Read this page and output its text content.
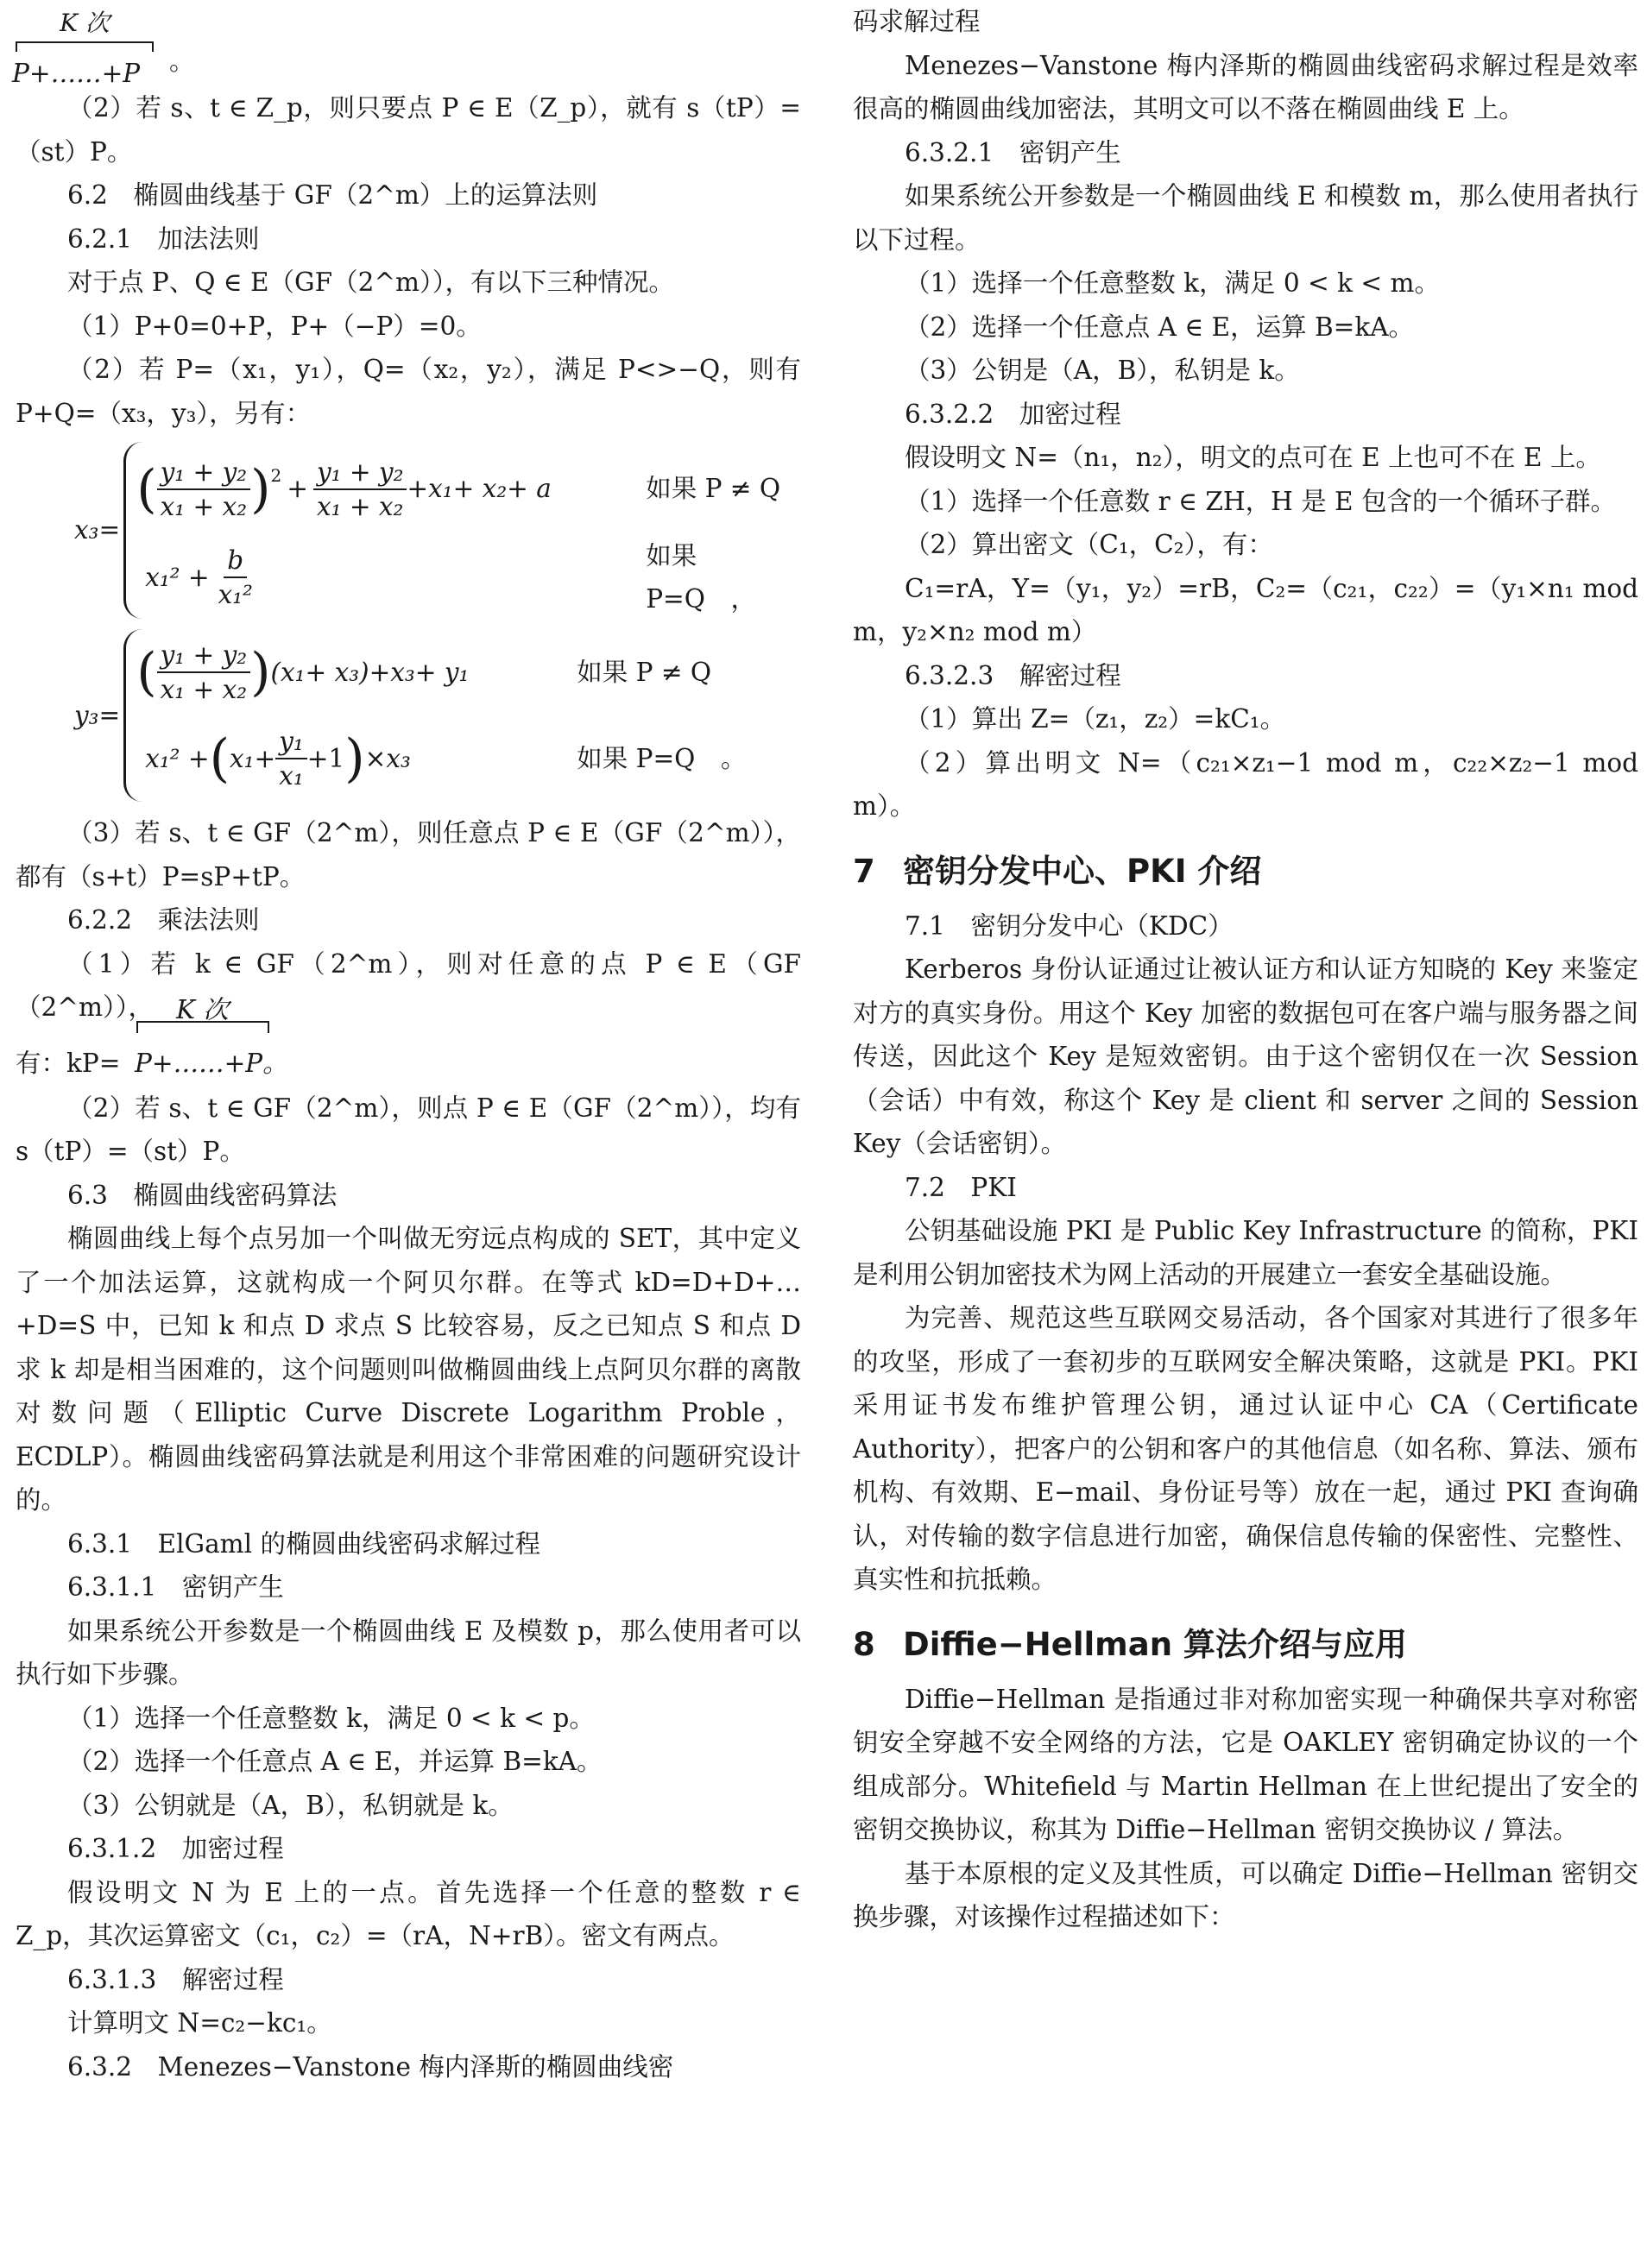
K 次
P+……+P 。

（2）若 s、t ∈ Z_p，则只要点 P ∈ E（Z_p），就有 s（tP）=（st）P。

6.2　椭圆曲线基于 GF（2^m）上的运算法则

6.2.1　加法法则

对于点 P、Q ∈ E（GF（2^m）），有以下三种情况。

（1）P+0=0+P，P+（−P）=0。

（2）若 P=（x₁，y₁），Q=（x₂，y₂），满足 P<>−Q，则有 P+Q=（x₃，y₃），另有：

x₃=
( $\frac{\text{y₁ + y₂}}{\text{x₁ + x₂}} )^2 + \frac{\text{y₁ + y₂}}{\text{x₁ + x₂}} +x_1+ x_2+ a$	如果 P ≠ Q
$x_1^2 + \frac{b}{\text{x₁²}}$	如果 P=Q　，
y₃=
( $\frac{\text{y₁ + y₂}}{\text{x₁ + x₂}}$ ) (x₁+ x₃)+x₃+ y₁	如果 P ≠ Q
x₁² + ( $x_1+ \frac{\text{y₁}}{\text{x₁}} +1$ ) ×x₃	如果 P=Q　。

（3）若 s、t ∈ GF（2^m），则任意点 P ∈ E（GF（2^m）），都有（s+t）P=sP+tP。

6.2.2　乘法法则

（1）若 k ∈ GF（2^m），则对任意的点 P ∈ E（GF（2^m）），

有：kP=
K 次
P+……+P。

（2）若 s、t ∈ GF（2^m），则点 P ∈ E（GF（2^m）），均有 s（tP）=（st）P。

6.3　椭圆曲线密码算法

椭圆曲线上每个点另加一个叫做无穷远点构成的 SET，其中定义了一个加法运算，这就构成一个阿贝尔群。在等式 kD=D+D+…+D=S 中，已知 k 和点 D 求点 S 比较容易，反之已知点 S 和点 D 求 k 却是相当困难的，这个问题则叫做椭圆曲线上点阿贝尔群的离散对数问题（Elliptic Curve Discrete Logarithm Proble，ECDLP）。椭圆曲线密码算法就是利用这个非常困难的问题研究设计的。

6.3.1　ElGaml 的椭圆曲线密码求解过程

6.3.1.1　密钥产生

如果系统公开参数是一个椭圆曲线 E 及模数 p，那么使用者可以执行如下步骤。

（1）选择一个任意整数 k，满足 0 < k < p。

（2）选择一个任意点 A ∈ E，并运算 B=kA。

（3）公钥就是（A，B），私钥就是 k。

6.3.1.2　加密过程

假设明文 N 为 E 上的一点。首先选择一个任意的整数 r ∈ Z_p，其次运算密文（c₁，c₂）=（rA，N+rB）。密文有两点。

6.3.1.3　解密过程

计算明文 N=c₂−kc₁。

6.3.2　Menezes−Vanstone 梅内泽斯的椭圆曲线密

码求解过程

Menezes−Vanstone 梅内泽斯的椭圆曲线密码求解过程是效率很高的椭圆曲线加密法，其明文可以不落在椭圆曲线 E 上。

6.3.2.1　密钥产生

如果系统公开参数是一个椭圆曲线 E 和模数 m，那么使用者执行以下过程。

（1）选择一个任意整数 k，满足 0 < k < m。

（2）选择一个任意点 A ∈ E，运算 B=kA。

（3）公钥是（A，B），私钥是 k。

6.3.2.2　加密过程

假设明文 N=（n₁，n₂），明文的点可在 E 上也可不在 E 上。

（1）选择一个任意数 r ∈ ZH，H 是 E 包含的一个循环子群。

（2）算出密文（C₁，C₂），有：

C₁=rA，Y=（y₁，y₂）=rB，C₂=（c₂₁，c₂₂）=（y₁×n₁ mod m，y₂×n₂ mod m）

6.3.2.3　解密过程

（1）算出 Z=（z₁，z₂）=kC₁。

（2）算出明文 N=（c₂₁×z₁−1 mod m，c₂₂×z₂−1 mod m）。

7 密钥分发中心、PKI 介绍

7.1　密钥分发中心（KDC）

Kerberos 身份认证通过让被认证方和认证方知晓的 Key 来鉴定对方的真实身份。用这个 Key 加密的数据包可在客户端与服务器之间传送，因此这个 Key 是短效密钥。由于这个密钥仅在一次 Session（会话）中有效，称这个 Key 是 client 和 server 之间的 Session Key（会话密钥）。

7.2　PKI

公钥基础设施 PKI 是 Public Key Infrastructure 的简称，PKI 是利用公钥加密技术为网上活动的开展建立一套安全基础设施。

为完善、规范这些互联网交易活动，各个国家对其进行了很多年的攻坚，形成了一套初步的互联网安全解决策略，这就是 PKI。PKI 采用证书发布维护管理公钥，通过认证中心 CA（Certificate Authority），把客户的公钥和客户的其他信息（如名称、算法、颁布机构、有效期、E−mail、身份证号等）放在一起，通过 PKI 查询确认，对传输的数字信息进行加密，确保信息传输的保密性、完整性、真实性和抗抵赖。

8 Diffie−Hellman 算法介绍与应用

Diffie−Hellman 是指通过非对称加密实现一种确保共享对称密钥安全穿越不安全网络的方法，它是 OAKLEY 密钥确定协议的一个组成部分。Whitefield 与 Martin Hellman 在上世纪提出了安全的密钥交换协议，称其为 Diffie−Hellman 密钥交换协议 / 算法。

基于本原根的定义及其性质，可以确定 Diffie−Hellman 密钥交换步骤，对该操作过程描述如下：
